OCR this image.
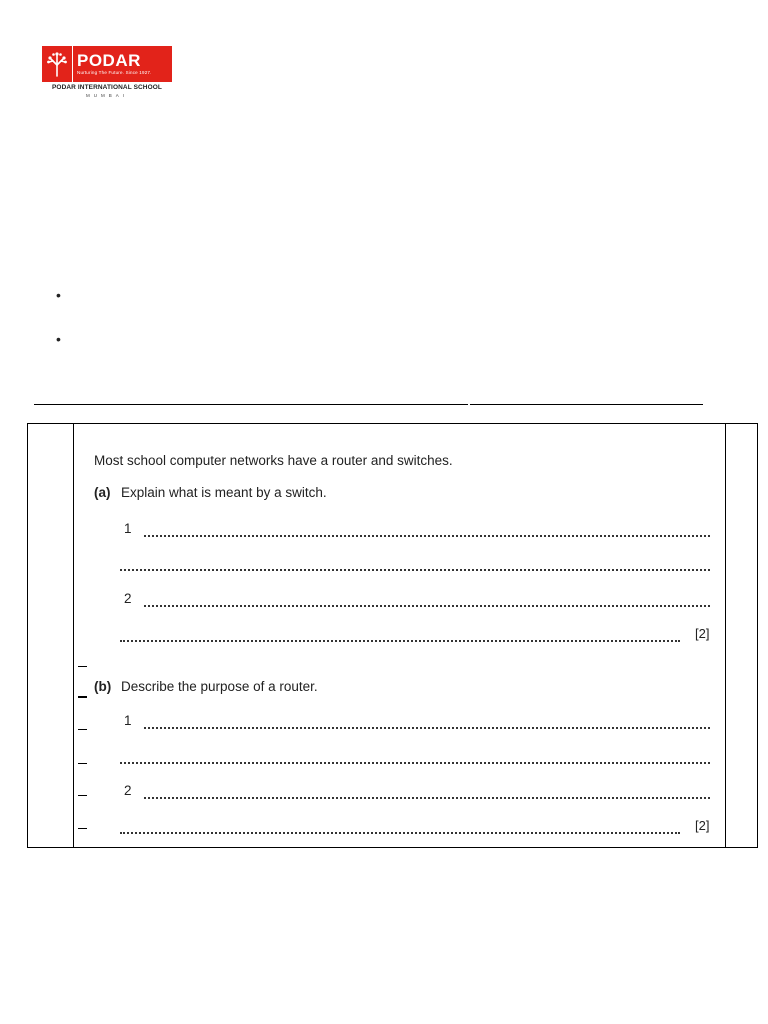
PODAR
Nurturing The Future. Since 1927.
PODAR INTERNATIONAL SCHOOL
MUMBAI
•
•
Most school computer networks have a router and switches.
(a) Explain what is meant by a switch.
1
2
[2]
(b) Describe the purpose of a router.
1
2
[2]
